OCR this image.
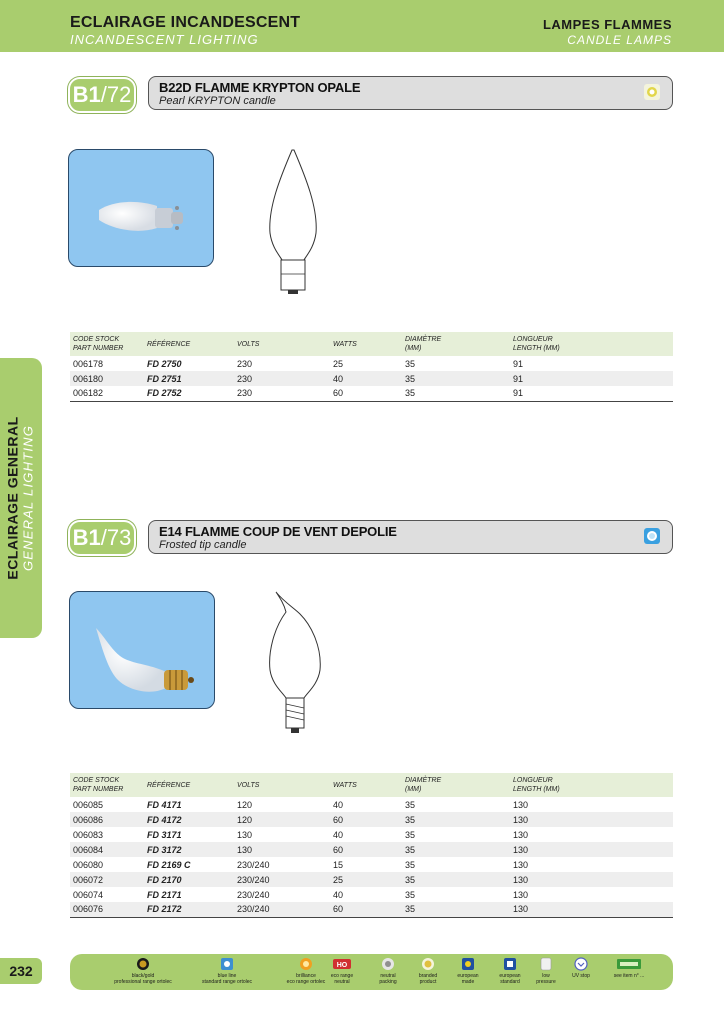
ECLAIRAGE INCANDESCENT
INCANDESCENT LIGHTING
LAMPES FLAMMES
CANDLE LAMPS
ECLAIRAGE GENERAL GENERAL LIGHTING
B1/72	B22D FLAMME KRYPTON OPALE
Pearl KRYPTON candle
CODE STOCK
PART NUMBER	RÉFÉRENCE	VOLTS	WATTS	DIAMÈTRE
(MM)	LONGUEUR
LENGTH (MM)
006178	FD 2750	230	25	35	91
006180	FD 2751	230	40	35	91
006182	FD 2752	230	60	35	91
B1/73	E14 FLAMME COUP DE VENT DEPOLIE
Frosted tip candle
CODE STOCK
PART NUMBER	RÉFÉRENCE	VOLTS	WATTS	DIAMÈTRE
(MM)	LONGUEUR
LENGTH (MM)
006085	FD 4171	120	40	35	130
006086	FD 4172	120	60	35	130
006083	FD 3171	130	40	35	130
006084	FD 3172	130	60	35	130
006080	FD 2169 C	230/240	15	35	130
006072	FD 2170	230/240	25	35	130
006074	FD 2171	230/240	40	35	130
006076	FD 2172	230/240	60	35	130
232	black/gold
professional range ortolec
blue line
standard range ortolec
brilliance
eco range ortolec
HO
eco range
neutral
neutral
packing
branded
product
european
made
european
standard
low
pressure
UV stop	see item n° ...
